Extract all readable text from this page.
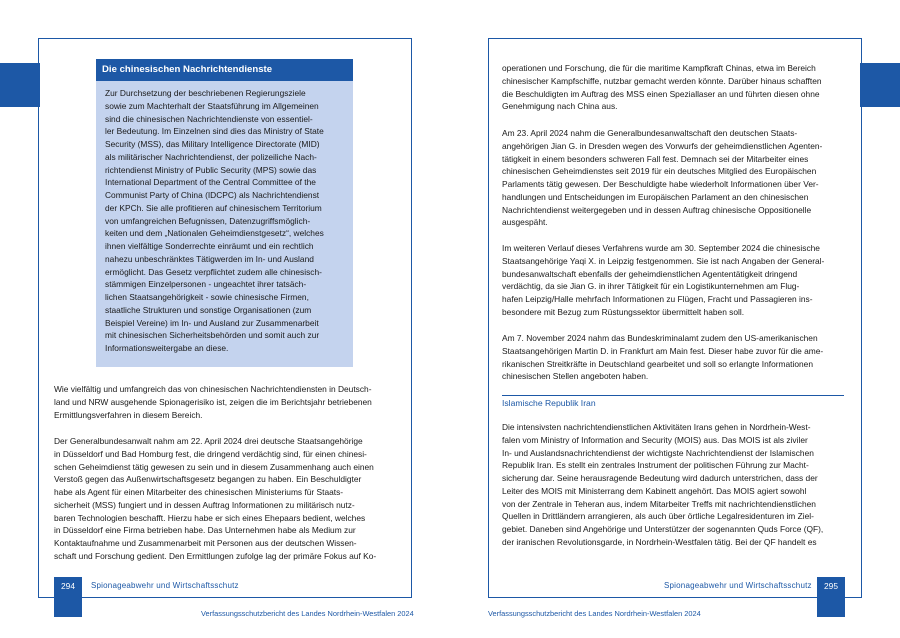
Die chinesischen Nachrichtendienste
Zur Durchsetzung der beschriebenen Regierungsziele
sowie zum Machterhalt der Staatsführung im Allgemeinen
sind die chinesischen Nachrichtendienste von essentiel-
ler Bedeutung. Im Einzelnen sind dies das Ministry of State
Security (MSS), das Military Intelligence Directorate (MID)
als militärischer Nachrichtendienst, der polizeiliche Nach-
richtendienst Ministry of Public Security (MPS) sowie das
International Department of the Central Committee of the
Communist Party of China (IDCPC) als Nachrichtendienst
der KPCh. Sie alle profitieren auf chinesischem Territorium
von umfangreichen Befugnissen, Datenzugriffsmöglich-
keiten und dem „Nationalen Geheimdienstgesetz“, welches
ihnen vielfältige Sonderrechte einräumt und ein rechtlich
nahezu unbeschränktes Tätigwerden im In- und Ausland
ermöglicht. Das Gesetz verpflichtet zudem alle chinesisch-
stämmigen Einzelpersonen - ungeachtet ihrer tatsäch-
lichen Staatsangehörigkeit - sowie chinesische Firmen,
staatliche Strukturen und sonstige Organisationen (zum
Beispiel Vereine) im In- und Ausland zur Zusammenarbeit
mit chinesischen Sicherheitsbehörden und somit auch zur
Informationsweitergabe an diese.
Wie vielfältig und umfangreich das von chinesischen Nachrichtendiensten in Deutsch-
land und NRW ausgehende Spionagerisiko ist, zeigen die im Berichtsjahr betriebenen
Ermittlungsverfahren in diesem Bereich.
Der Generalbundesanwalt nahm am 22. April 2024 drei deutsche Staatsangehörige
in Düsseldorf und Bad Homburg fest, die dringend verdächtig sind, für einen chinesi-
schen Geheimdienst tätig gewesen zu sein und in diesem Zusammenhang auch einen
Verstoß gegen das Außenwirtschaftsgesetz begangen zu haben. Ein Beschuldigter
habe als Agent für einen Mitarbeiter des chinesischen Ministeriums für Staats-
sicherheit (MSS) fungiert und in dessen Auftrag Informationen zu militärisch nutz-
baren Technologien beschafft. Hierzu habe er sich eines Ehepaars bedient, welches
in Düsseldorf eine Firma betrieben habe. Das Unternehmen habe als Medium zur
Kontaktaufnahme und Zusammenarbeit mit Personen aus der deutschen Wissen-
schaft und Forschung gedient. Den Ermittlungen zufolge lag der primäre Fokus auf Ko-
294	Spionageabwehr und Wirtschaftsschutz
Verfassungsschutzbericht des Landes Nordrhein-Westfalen 2024
operationen und Forschung, die für die maritime Kampfkraft Chinas, etwa im Bereich
chinesischer Kampfschiffe, nutzbar gemacht werden könnte. Darüber hinaus schafften
die Beschuldigten im Auftrag des MSS einen Speziallaser an und führten diesen ohne
Genehmigung nach China aus.
Am 23. April 2024 nahm die Generalbundesanwaltschaft den deutschen Staats-
angehörigen Jian G. in Dresden wegen des Vorwurfs der geheimdienstlichen Agenten-
tätigkeit in einem besonders schweren Fall fest. Demnach sei der Mitarbeiter eines
chinesischen Geheimdienstes seit 2019 für ein deutsches Mitglied des Europäischen
Parlaments tätig gewesen. Der Beschuldigte habe wiederholt Informationen über Ver-
handlungen und Entscheidungen im Europäischen Parlament an den chinesischen
Nachrichtendienst weitergegeben und in dessen Auftrag chinesische Oppositionelle
ausgespäht.
Im weiteren Verlauf dieses Verfahrens wurde am 30. September 2024 die chinesische
Staatsangehörige Yaqi X. in Leipzig festgenommen. Sie ist nach Angaben der General-
bundesanwaltschaft ebenfalls der geheimdienstlichen Agententätigkeit dringend
verdächtig, da sie Jian G. in ihrer Tätigkeit für ein Logistikunternehmen am Flug-
hafen Leipzig/Halle mehrfach Informationen zu Flügen, Fracht und Passagieren ins-
besondere mit Bezug zum Rüstungssektor übermittelt haben soll.
Am 7. November 2024 nahm das Bundeskriminalamt zudem den US-amerikanischen
Staatsangehörigen Martin D. in Frankfurt am Main fest. Dieser habe zuvor für die ame-
rikanischen Streitkräfte in Deutschland gearbeitet und soll so erlangte Informationen
chinesischen Stellen angeboten haben.
Islamische Republik Iran
Die intensivsten nachrichtendienstlichen Aktivitäten Irans gehen in Nordrhein-West-
falen vom Ministry of Information and Security (MOIS) aus. Das MOIS ist als ziviler
In- und Auslandsnachrichtendienst der wichtigste Nachrichtendienst der Islamischen
Republik Iran. Es stellt ein zentrales Instrument der politischen Führung zur Macht-
sicherung dar. Seine herausragende Bedeutung wird dadurch unterstrichen, dass der
Leiter des MOIS mit Ministerrang dem Kabinett angehört. Das MOIS agiert sowohl
von der Zentrale in Teheran aus, indem Mitarbeiter Treffs mit nachrichtendienstlichen
Quellen in Drittländern arrangieren, als auch über örtliche Legalresidenturen im Ziel-
gebiet. Daneben sind Angehörige und Unterstützer der sogenannten Quds Force (QF),
der iranischen Revolutionsgarde, in Nordrhein-Westfalen tätig. Bei der QF handelt es
Spionageabwehr und Wirtschaftsschutz	295
Verfassungsschutzbericht des Landes Nordrhein-Westfalen 2024
